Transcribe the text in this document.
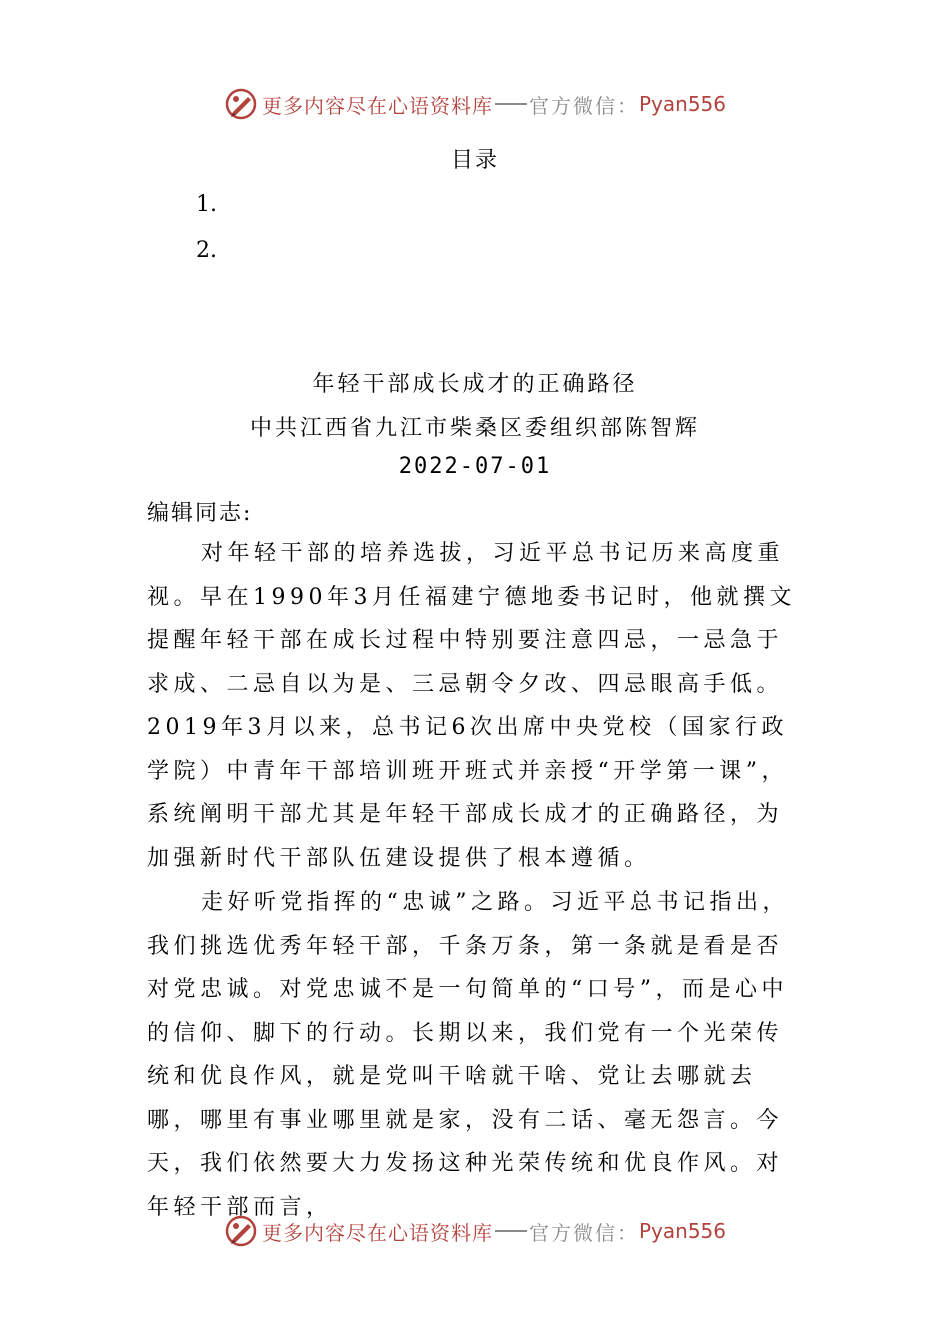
更多内容尽在心语资料库 官方微信： Pyan556
目录
1.
2.
年轻干部成长成才的正确路径
中共江西省九江市柴桑区委组织部陈智辉
2022-07-01
编辑同志:

对年轻干部的培养选拔，习近平总书记历来高度重视。早在1990年3月任福建宁德地委书记时，他就撰文提醒年轻干部在成长过程中特别要注意四忌，一忌急于求成、二忌自以为是、三忌朝令夕改、四忌眼高手低。2019年3月以来，总书记6次出席中央党校（国家行政学院）中青年干部培训班开班式并亲授“开学第一课”，系统阐明干部尤其是年轻干部成长成才的正确路径，为加强新时代干部队伍建设提供了根本遵循。

走好听党指挥的“忠诚”之路。习近平总书记指出，我们挑选优秀年轻干部，千条万条，第一条就是看是否对党忠诚。对党忠诚不是一句简单的“口号”，而是心中的信仰、脚下的行动。长期以来，我们党有一个光荣传统和优良作风，就是党叫干啥就干啥、党让去哪就去哪，哪里有事业哪里就是家，没有二话、毫无怨言。今天，我们依然要大力发扬这种光荣传统和优良作风。对年轻干部而言，

更多内容尽在心语资料库 官方微信： Pyan556
